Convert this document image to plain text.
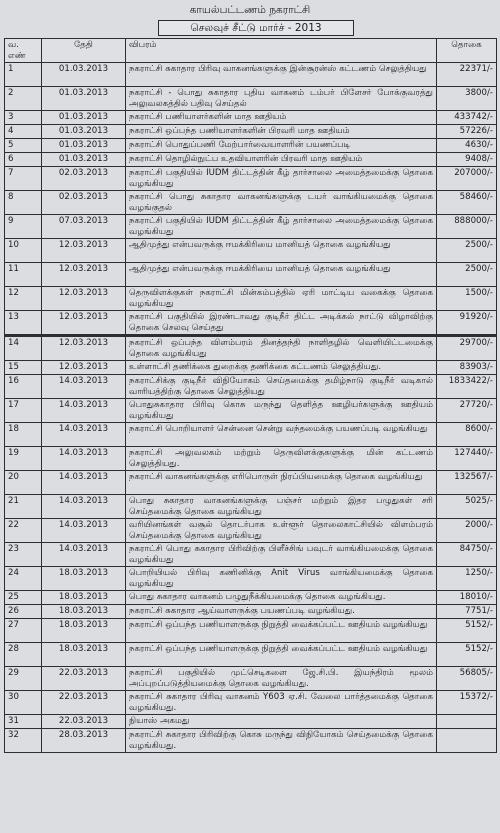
காயல்பட்டணம் நகராட்சி
செலவுச் சீட்டு மார்ச் - 2013
வ. எண்	தேதி	விபரம்	தொகை
1	01.03.2013	நகராட்சி சுகாதார பிரிவு வாகனங்களுக்கு இன்சூரன்ஸ் கட்டணம் செலுத்தியது	22371/-
2	01.03.2013	நகராட்சி - பொது சுகாதார புதிய வாகனம் டம்பர் பிளேசர் போக்குவரத்து அலுவலகத்தில் பதிவு செய்தல்	3800/-
3	01.03.2013	நகராட்சி பணியாளர்களின் மாத ஊதியம்	433742/-
4	01.03.2013	நகராட்சி ஒப்பந்த பணியாளர்களின் பிரவரி மாத ஊதியம்	57226/-
5	01.03.2013	நகராட்சி பொதுப்பணி மேற்பார்வையாளரின் பயணப்படி	4630/-
6	01.03.2013	நகராட்சி தொழில்நுட்ப உதவியாளரின் பிரவரி மாத ஊதியம்	9408/-
7	02.03.2013	நகராட்சி பகுதியில் IUDM திட்டத்தின் கீழ் தார்சாலை அமைத்தமைக்கு தொகை வழங்கியது	207000/-
8	02.03.2013	நகராட்சி பொது சுகாதார வாகனங்களுக்கு டயர் வாங்கியமைக்கு தொகை வழங்குதல்	58460/-
9	07.03.2013	நகராட்சி பகுதியில் IUDM திட்டத்தின் கீழ் தார்சாலை அமைத்தமைக்கு தொகை வழங்கியது	888000/-
10	12.03.2013	ஆதிமுத்து என்பவருக்கு ஈமக்கிரியை மானியத் தொகை வழங்கியது	2500/-
11	12.03.2013	ஆதிமுத்து என்பவருக்கு ஈமக்கிரியை மானியத் தொகை வழங்கியது	2500/-
12	12.03.2013	தெருவிளக்குகள் நகராட்சி மின்கம்பத்தில் ஏரி மாட்டிய வகைக்கு தொகை வழங்கியது	1500/-
13	12.03.2013	நகராட்சி பகுதியில் இரண்டாவது குடிநீர் திட்ட அடிக்கல் நாட்டு விழாவிற்கு தொகை செலவு செய்தது	91920/-
14	12.03.2013	நகராட்சி ஒப்பந்த விளம்பரம் தினத்தந்தி நாளிதழில் வெளியிட்டமைக்கு தொகை வழங்கியது	29700/-
15	12.03.2013	உள்ளாட்சி தணிக்கை துறைக்கு தணிக்கை கட்டணம் செலுத்தியது.	83903/-
16	14.03.2013	நகராட்சிக்கு குடிநீர் விநியோகம் செய்தமைக்கு தமிழ்நாடு குடிநீர் வடிகால் வாரியத்திற்கு தொகை செலுத்தியது	1833422/-
17	14.03.2013	பொதுசுகாதார பிரிவு கொசு மருந்து தெளித்த ஊழியர்களுக்கு ஊதியம் வழங்கியது	27720/-
18	14.03.2013	நகராட்சி பொறியாளர் சென்னை சென்று வந்தமைக்கு பயணப்படி வழங்கியது	8600/-
19	14.03.2013	நகராட்சி அலுவலகம் மற்றும் தெருவிளக்குகளுக்கு மின் கட்டணம் செலுத்தியது.	127440/-
20	14.03.2013	நகராட்சி வாகனங்களுக்கு எரிபொருள் நிரப்பியமைக்கு தொகை வழங்கியது	132567/-
21	14.03.2013	பொது சுகாதார வாகனங்களுக்கு பஞ்சர் மற்றும் இதர பழுதுகள் சரி செய்தமைக்கு தொகை வழங்கியது	5025/-
22	14.03.2013	வரியினங்கள் வசூல் தொடர்பாக உள்ளூர் தொலைகாட்சியில் விளம்பரம் செய்தமைக்கு தொகை வழங்கியது	2000/-
23	14.03.2013	நகராட்சி பொது சுகாதார பிரிவிற்கு பிளீச்சிங் பவுடர் வாங்கியமைக்கு தொகை வழங்கியது	84750/-
24	18.03.2013	பொறியியல் பிரிவு கணினிக்கு Anit Virus வாங்கியமைக்கு தொகை வழங்கியது	1250/-
25	18.03.2013	பொது சுகாதார வாகனம் பழுதுநீக்கியமைக்கு தொகை வழங்கியது.	18010/-
26	18.03.2013	நகராட்சி சுகாதார ஆய்வாளருக்கு பயணப்படி வழங்கியது.	7751/-
27	18.03.2013	நகராட்சி ஒப்பந்த பணியாளருக்கு நிறுத்தி வைக்கப்பட்ட ஊதியம் வழங்கியது	5152/-
28	18.03.2013	நகராட்சி ஒப்பந்த பணியாளருக்கு நிறுத்தி வைக்கப்பட்ட ஊதியம் வழங்கியது	5152/-
29	22.03.2013	நகராட்சி பகுதியில் முட்செடிகளை ஜே.சி.பி. இயந்திரம் மூலம் அப்புறப்படுத்தியமைக்கு தொகை வழங்கியது.	56805/-
30	22.03.2013	நகராட்சி சுகாதார பிரிவு வாகனம் Y603 ஏ.சி. வேலை பார்த்தமைக்கு தொகை வழங்கியது.	15372/-
31	22.03.2013	நியாஸ் அகமது	
32	28.03.2013	நகராட்சி சுகாதார பிரிவிற்கு கொசு மருந்து விநியோகம் செய்தமைக்கு தொகை வழங்கியது.	
